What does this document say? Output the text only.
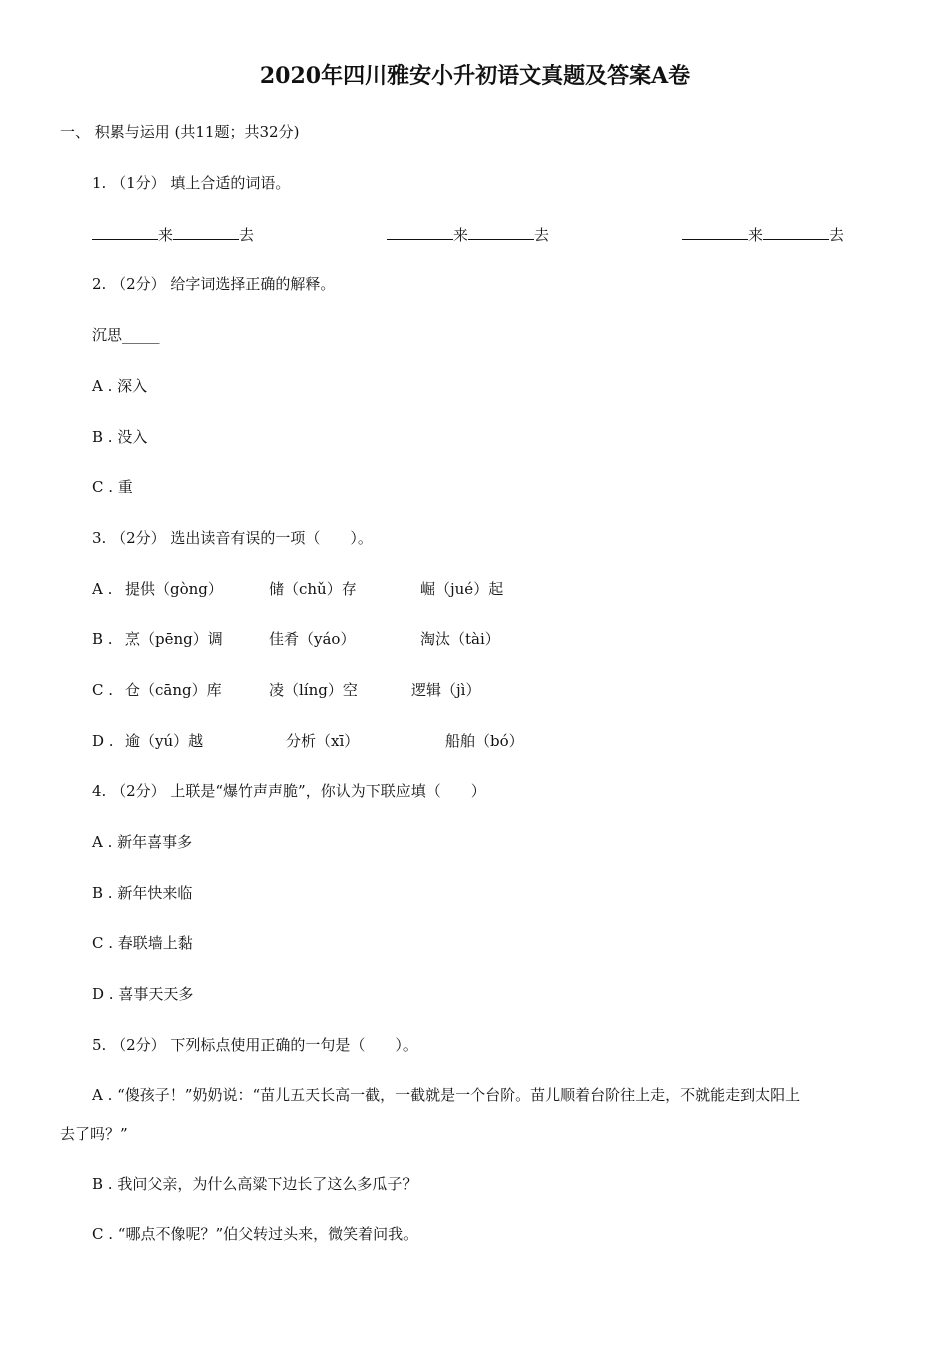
2020年四川雅安小升初语文真题及答案A卷
一、 积累与运用 (共11题；共32分)
1. （1分） 填上合适的词语。
来	去	来	去	来	去
2. （2分） 给字词选择正确的解释。
沉思_____
A . 深入
B . 没入
C . 重
3. （2分） 选出读音有误的一项（　　）。
A . 提供（gòng）	储（chǔ）存	崛（jué）起
B . 烹（pēng）调	佳肴（yáo）	淘汰（tài）
C . 仓（cāng）库	凌（líng）空	逻辑（jì）
D . 逾（yú）越	分析（xī）	船舶（bó）
4. （2分） 上联是“爆竹声声脆”，你认为下联应填（　　）
A . 新年喜事多
B . 新年快来临
C . 春联墙上黏
D . 喜事天天多
5. （2分） 下列标点使用正确的一句是（　　）。
A . “傻孩子！”奶奶说：“苗儿五天长高一截，一截就是一个台阶。苗儿顺着台阶往上走，不就能走到太阳上
去了吗？”
B . 我问父亲，为什么高粱下边长了这么多瓜子？
C . “哪点不像呢？”伯父转过头来，微笑着问我。
